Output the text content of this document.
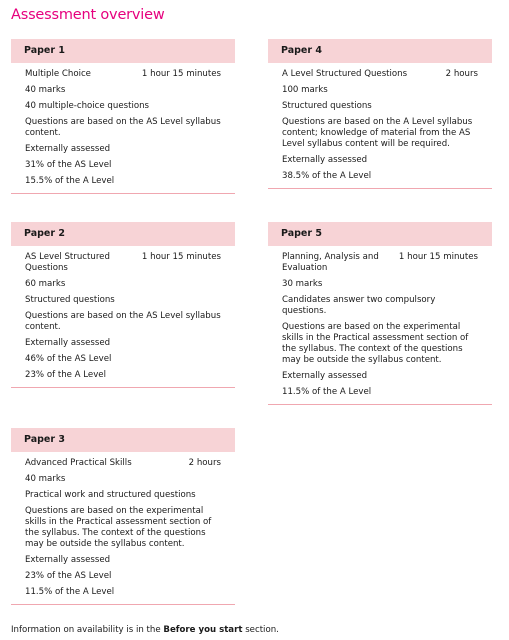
Assessment overview
Paper 1
Multiple Choice	1 hour 15 minutes
40 marks
40 multiple-choice questions
Questions are based on the AS Level syllabus content.
Externally assessed
31% of the AS Level
15.5% of the A Level
Paper 4
A Level Structured Questions	2 hours
100 marks
Structured questions
Questions are based on the A Level syllabus content; knowledge of material from the AS Level syllabus content will be required.
Externally assessed
38.5% of the A Level
Paper 2
AS Level Structured Questions
1 hour 15 minutes
60 marks
Structured questions
Questions are based on the AS Level syllabus content.
Externally assessed
46% of the AS Level
23% of the A Level
Paper 5
Planning, Analysis and Evaluation
1 hour 15 minutes
30 marks
Candidates answer two compulsory questions.
Questions are based on the experimental skills in the Practical assessment section of the syllabus. The context of the questions may be outside the syllabus content.
Externally assessed
11.5% of the A Level
Paper 3
Advanced Practical Skills	2 hours
40 marks
Practical work and structured questions
Questions are based on the experimental skills in the Practical assessment section of the syllabus. The context of the questions may be outside the syllabus content.
Externally assessed
23% of the AS Level
11.5% of the A Level
Information on availability is in the Before you start section.
